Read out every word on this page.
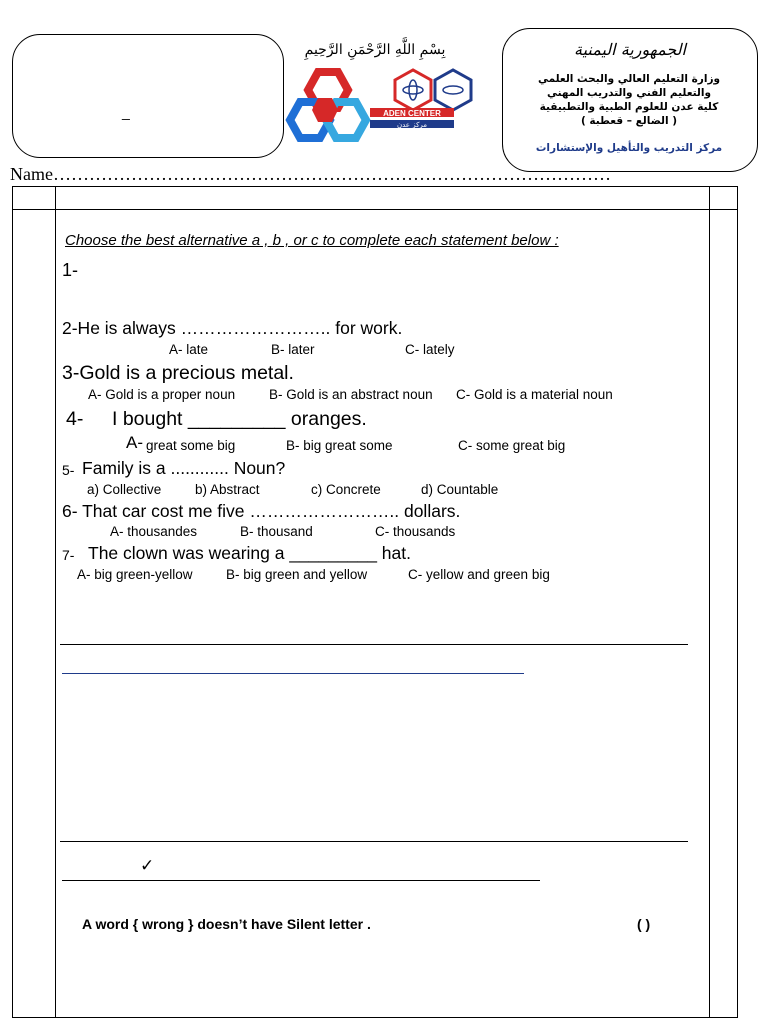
_
بِسْمِ اللَّهِ الرَّحْمَنِ الرَّحِيمِ
ADEN CENTER
مركز عدن
الجمهورية اليمنية
وزارة التعليم العالي والبحث العلمي
والتعليم الفني والتدريب المهني
كلية عدن للعلوم الطبية والتطبيقية
( الضالع – قعطبة )
مركز التدريب والتأهيل والإستشارات
Name…………………………………………………………………………………
Choose the best alternative a , b , or c to complete each statement below :
1-
2-He is always …………………….. for work.
A- late	B- later	C- lately
3-Gold is a precious metal.
A- Gold is a proper noun	B- Gold is an abstract noun C- Gold is a material noun
4- I bought _________ oranges.
A- great some big	B- big great some	C- some great big
5- Family is a ............ Noun?
a) Collective b) Abstract	c) Concrete	d) Countable
6- That car cost me five …………………….. dollars.
A- thousandes	B- thousand	C- thousands
7- The clown was wearing a _________ hat.
A- big green-yellow B- big green and yellow	C- yellow and green big
✓
A word { wrong } doesn’t have Silent letter .	( )
